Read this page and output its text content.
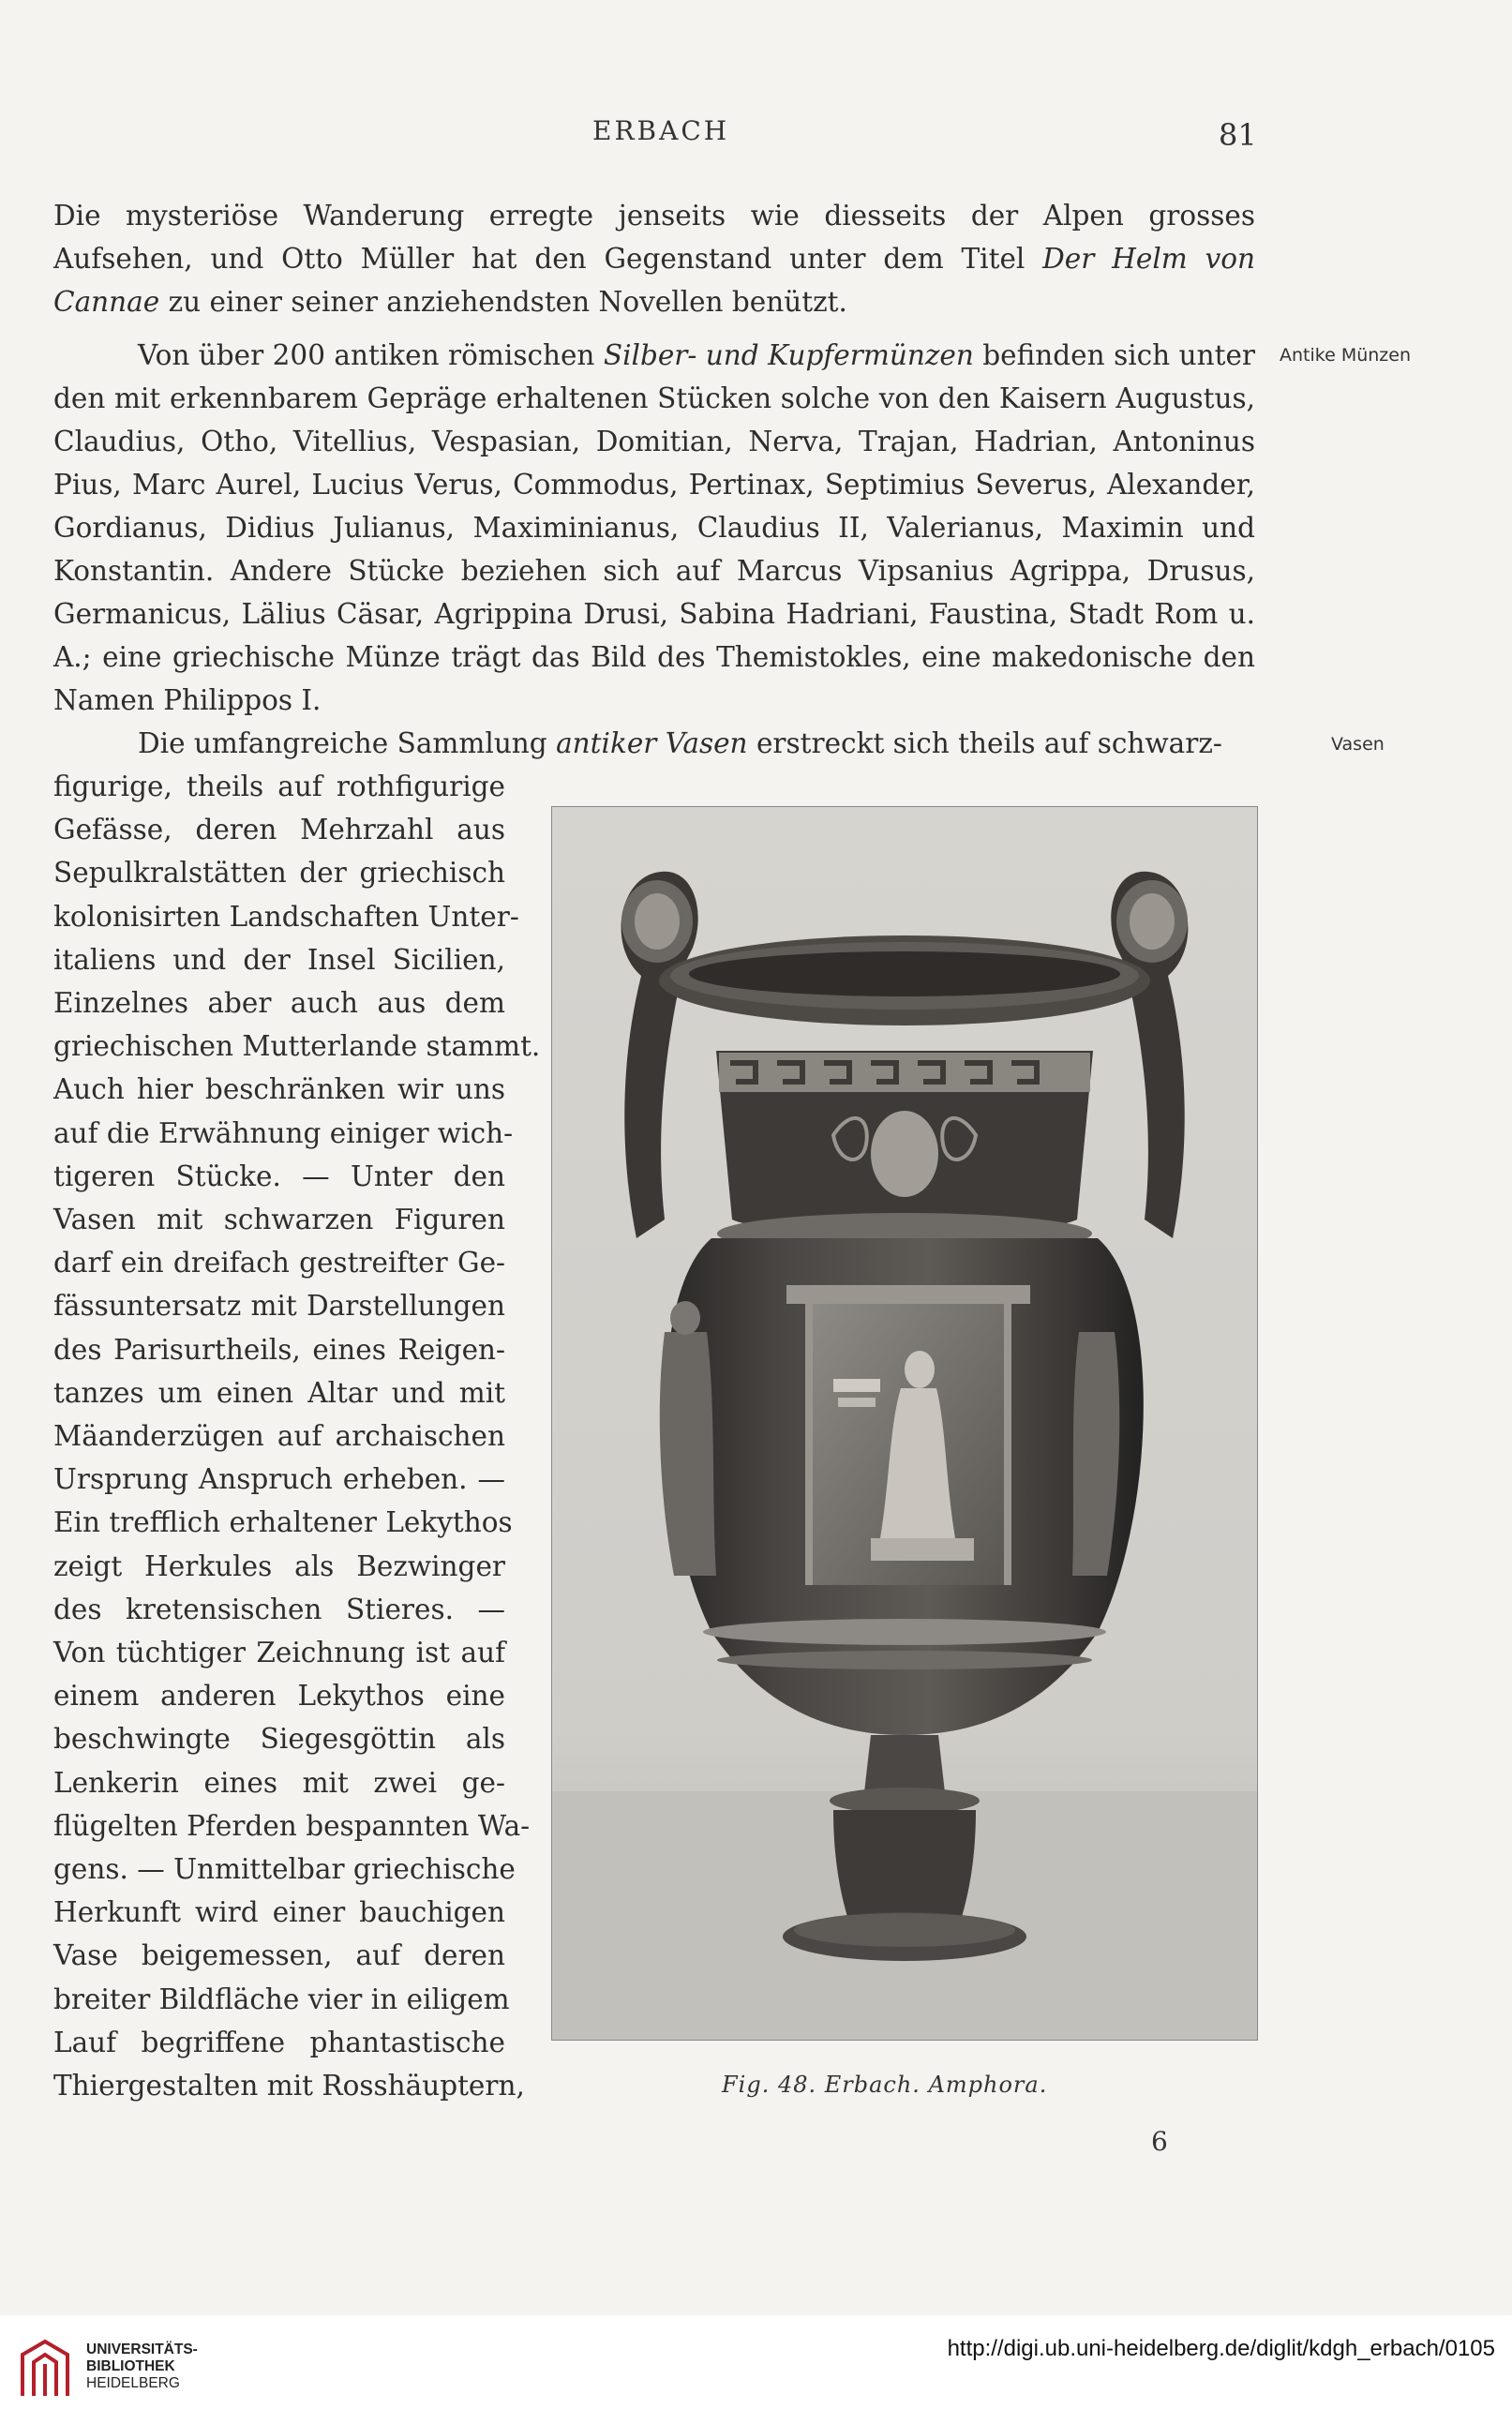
ERBACH	81
Die mysteriöse Wanderung erregte jenseits wie diesseits der Alpen grosses Aufsehen, und Otto Müller hat den Gegenstand unter dem Titel Der Helm von Cannae zu einer seiner anziehendsten Novellen benützt.
Von über 200 antiken römischen Silber- und Kupfermünzen befinden sich unter den mit erkennbarem Gepräge erhaltenen Stücken solche von den Kaisern Augustus, Claudius, Otho, Vitellius, Vespasian, Domitian, Nerva, Trajan, Hadrian, Antoninus Pius, Marc Aurel, Lucius Verus, Commodus, Pertinax, Septimius Severus, Alexander, Gordianus, Didius Julianus, Maximinianus, Claudius II, Valerianus, Maximin und Konstantin. Andere Stücke beziehen sich auf Marcus Vipsanius Agrippa, Drusus, Germanicus, Lälius Cäsar, Agrippina Drusi, Sabina Hadriani, Faustina, Stadt Rom u. A.; eine griechische Münze trägt das Bild des Themistokles, eine makedonische den Namen Philippos I.
Die umfangreiche Sammlung antiker Vasen erstreckt sich theils auf schwarz-
figurige, theils auf rothfigurige
Gefässe, deren Mehrzahl aus
Sepulkralstätten der griechisch
kolonisirten Landschaften Unter-
italiens und der Insel Sicilien,
Einzelnes aber auch aus dem
griechischen Mutterlande stammt.
Auch hier beschränken wir uns
auf die Erwähnung einiger wich-
tigeren Stücke. — Unter den
Vasen mit schwarzen Figuren
darf ein dreifach gestreifter Ge-
fässuntersatz mit Darstellungen
des Parisurtheils, eines Reigen-
tanzes um einen Altar und mit
Mäanderzügen auf archaischen
Ursprung Anspruch erheben. —
Ein trefflich erhaltener Lekythos
zeigt Herkules als Bezwinger
des kretensischen Stieres. —
Von tüchtiger Zeichnung ist auf
einem anderen Lekythos eine
beschwingte Siegesgöttin als
Lenkerin eines mit zwei ge-
flügelten Pferden bespannten Wa-
gens. — Unmittelbar griechische
Herkunft wird einer bauchigen
Vase beigemessen, auf deren
breiter Bildfläche vier in eiligem
Lauf begriffene phantastische
Thiergestalten mit Rosshäuptern,
Antike Münzen
Vasen
Fig. 48. Erbach. Amphora.
6
UNIVERSITÄTS-
BIBLIOTHEK
HEIDELBERG
http://digi.ub.uni-heidelberg.de/diglit/kdgh_erbach/0105
